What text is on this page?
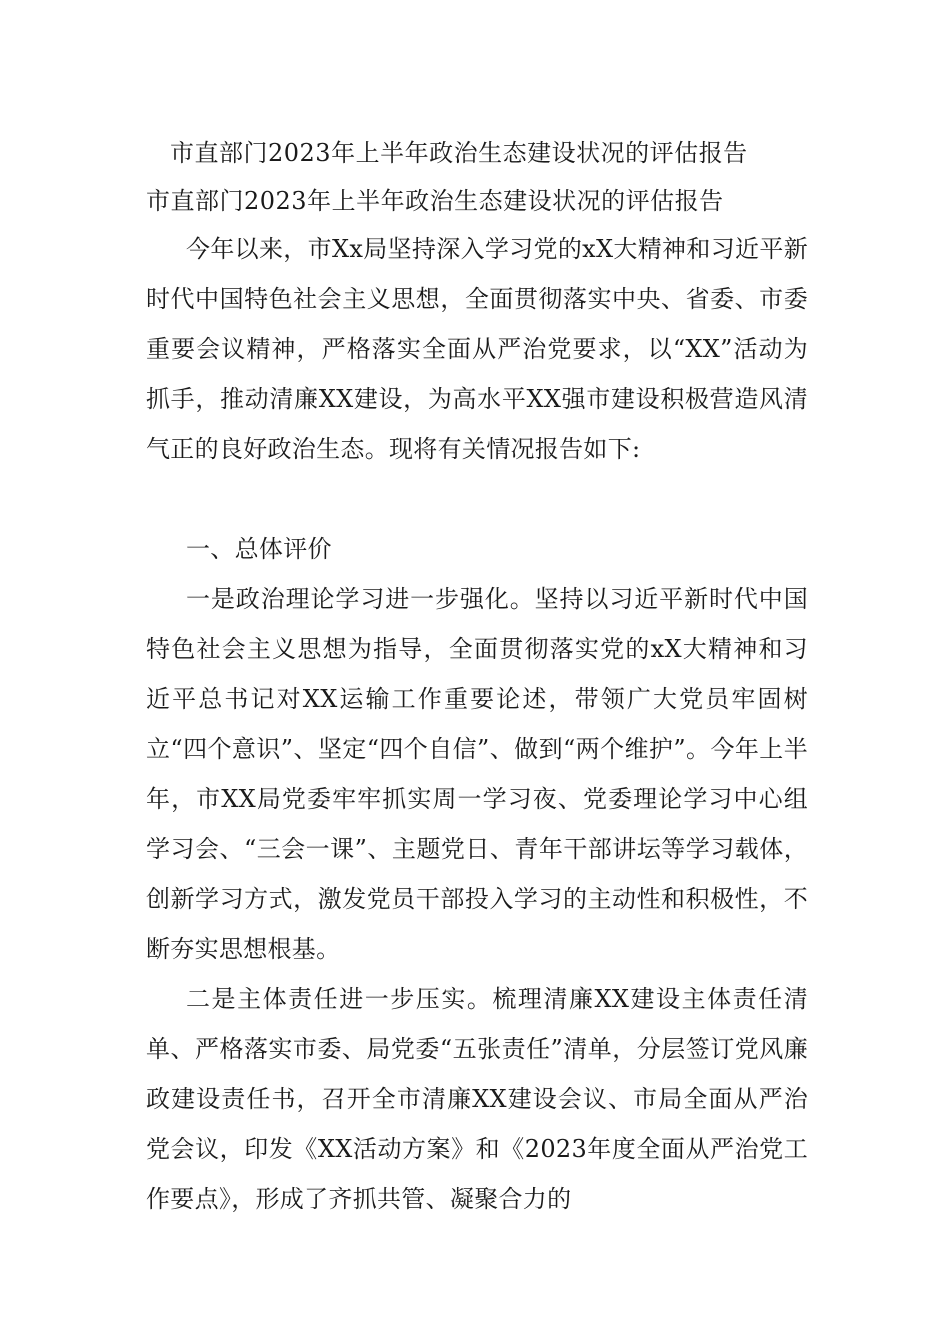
市直部门2023年上半年政治生态建设状况的评估报告
市直部门2023年上半年政治生态建设状况的评估报告

今年以来，市Xx局坚持深入学习党的xX大精神和习近平新时代中国特色社会主义思想，全面贯彻落实中央、省委、市委重要会议精神，严格落实全面从严治党要求，以“XX”活动为抓手，推动清廉XX建设，为高水平XX强市建设积极营造风清气正的良好政治生态。现将有关情况报告如下:

一、总体评价

一是政治理论学习进一步强化。坚持以习近平新时代中国特色社会主义思想为指导，全面贯彻落实党的xX大精神和习近平总书记对XX运输工作重要论述，带领广大党员牢固树立“四个意识”、坚定“四个自信”、做到“两个维护”。今年上半年，市XX局党委牢牢抓实周一学习夜、党委理论学习中心组学习会、“三会一课”、主题党日、青年干部讲坛等学习载体，创新学习方式，激发党员干部投入学习的主动性和积极性，不断夯实思想根基。

二是主体责任进一步压实。梳理清廉XX建设主体责任清单、严格落实市委、局党委“五张责任”清单，分层签订党风廉政建设责任书，召开全市清廉XX建设会议、市局全面从严治党会议，印发《XX活动方案》和《2023年度全面从严治党工作要点》，形成了齐抓共管、凝聚合力的
